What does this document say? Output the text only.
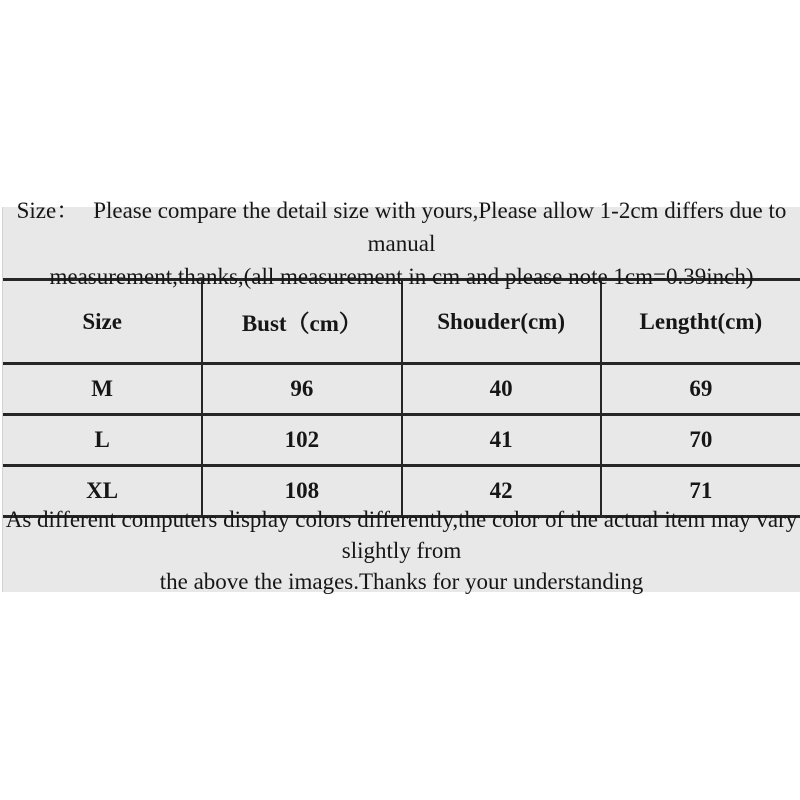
Size： Please compare the detail size with yours,Please allow 1-2cm differs due to manual
measurement,thanks,(all measurement in cm and please note 1cm=0.39inch)
Size	Bust（cm）	Shouder(cm)	Lengtht(cm)
M	96	40	69
L	102	41	70
XL	108	42	71
As different computers display colors differently,the color of the actual item may vary slightly from
the above the images.Thanks for your understanding
